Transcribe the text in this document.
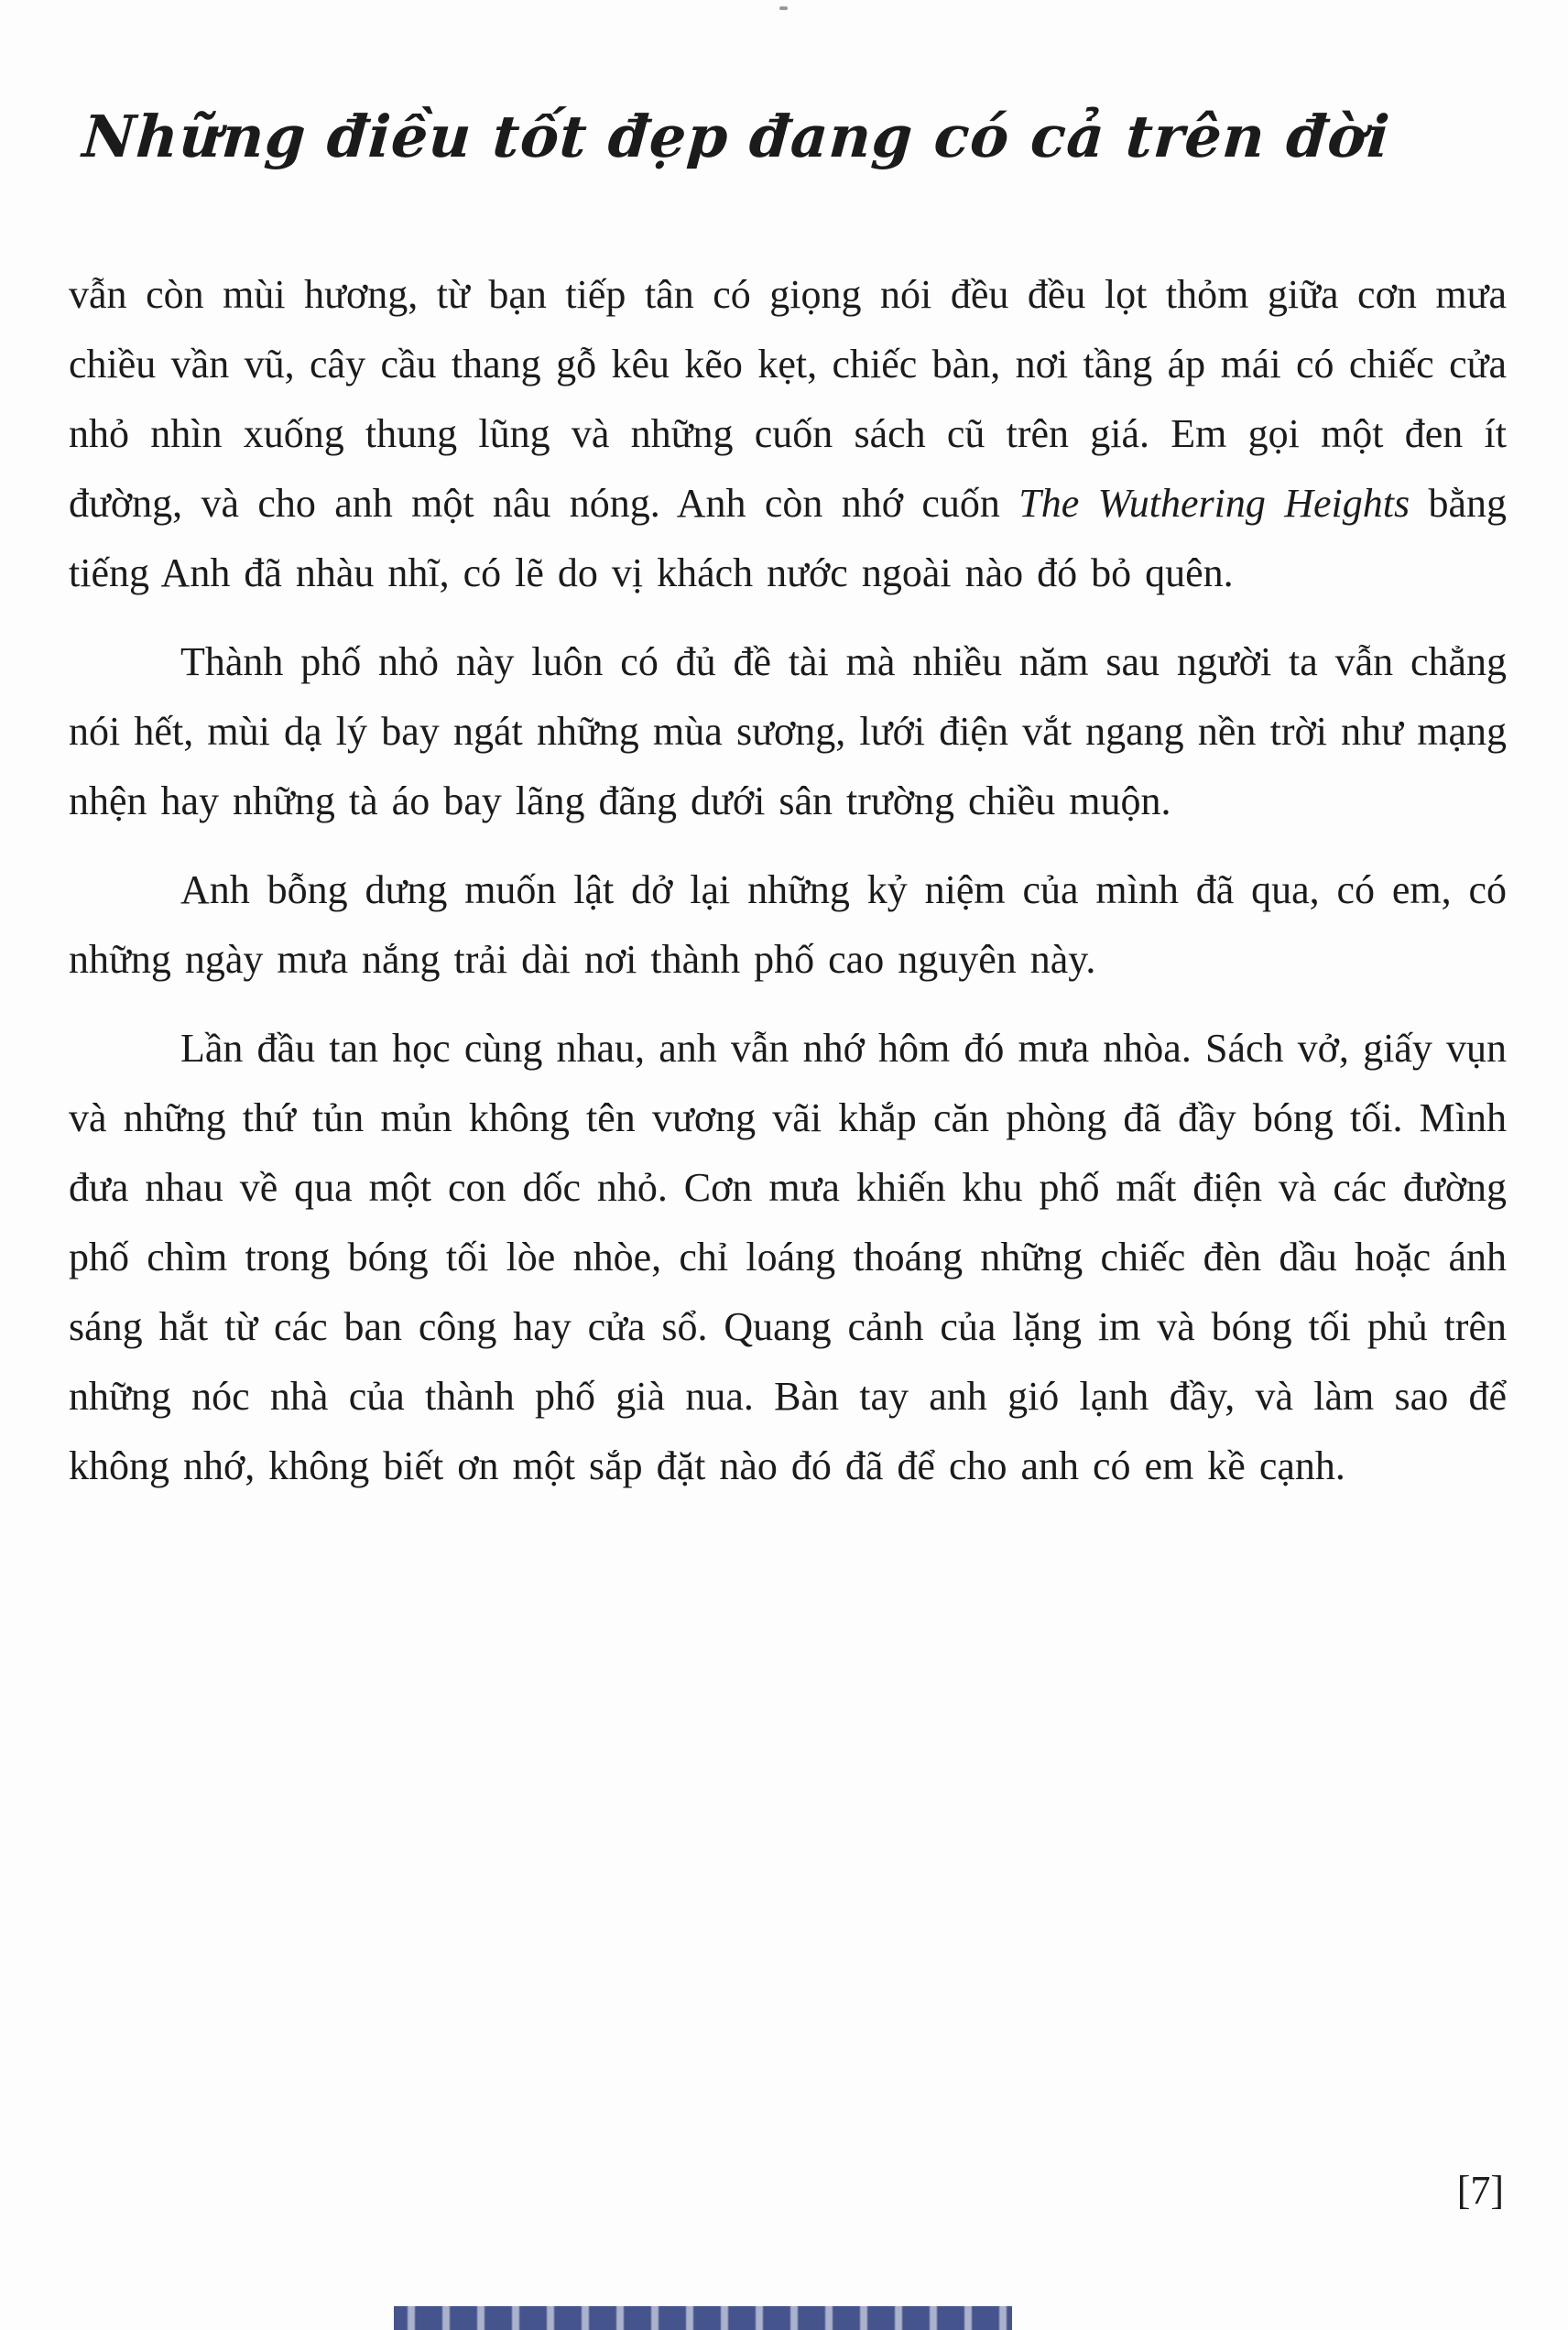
Những điều tốt đẹp đang có cả trên đời

vẫn còn mùi hương, từ bạn tiếp tân có giọng nói đều đều lọt thỏm giữa cơn mưa chiều vần vũ, cây cầu thang gỗ kêu kẽo kẹt, chiếc bàn, nơi tầng áp mái có chiếc cửa nhỏ nhìn xuống thung lũng và những cuốn sách cũ trên giá. Em gọi một đen ít đường, và cho anh một nâu nóng. Anh còn nhớ cuốn The Wuthering Heights bằng tiếng Anh đã nhàu nhĩ, có lẽ do vị khách nước ngoài nào đó bỏ quên.

Thành phố nhỏ này luôn có đủ đề tài mà nhiều năm sau người ta vẫn chẳng nói hết, mùi dạ lý bay ngát những mùa sương, lưới điện vắt ngang nền trời như mạng nhện hay những tà áo bay lãng đãng dưới sân trường chiều muộn.

Anh bỗng dưng muốn lật dở lại những kỷ niệm của mình đã qua, có em, có những ngày mưa nắng trải dài nơi thành phố cao nguyên này.

Lần đầu tan học cùng nhau, anh vẫn nhớ hôm đó mưa nhòa. Sách vở, giấy vụn và những thứ tủn mủn không tên vương vãi khắp căn phòng đã đầy bóng tối. Mình đưa nhau về qua một con dốc nhỏ. Cơn mưa khiến khu phố mất điện và các đường phố chìm trong bóng tối lòe nhòe, chỉ loáng thoáng những chiếc đèn dầu hoặc ánh sáng hắt từ các ban công hay cửa sổ. Quang cảnh của lặng im và bóng tối phủ trên những nóc nhà của thành phố già nua. Bàn tay anh gió lạnh đầy, và làm sao để không nhớ, không biết ơn một sắp đặt nào đó đã để cho anh có em kề cạnh.

[7]
